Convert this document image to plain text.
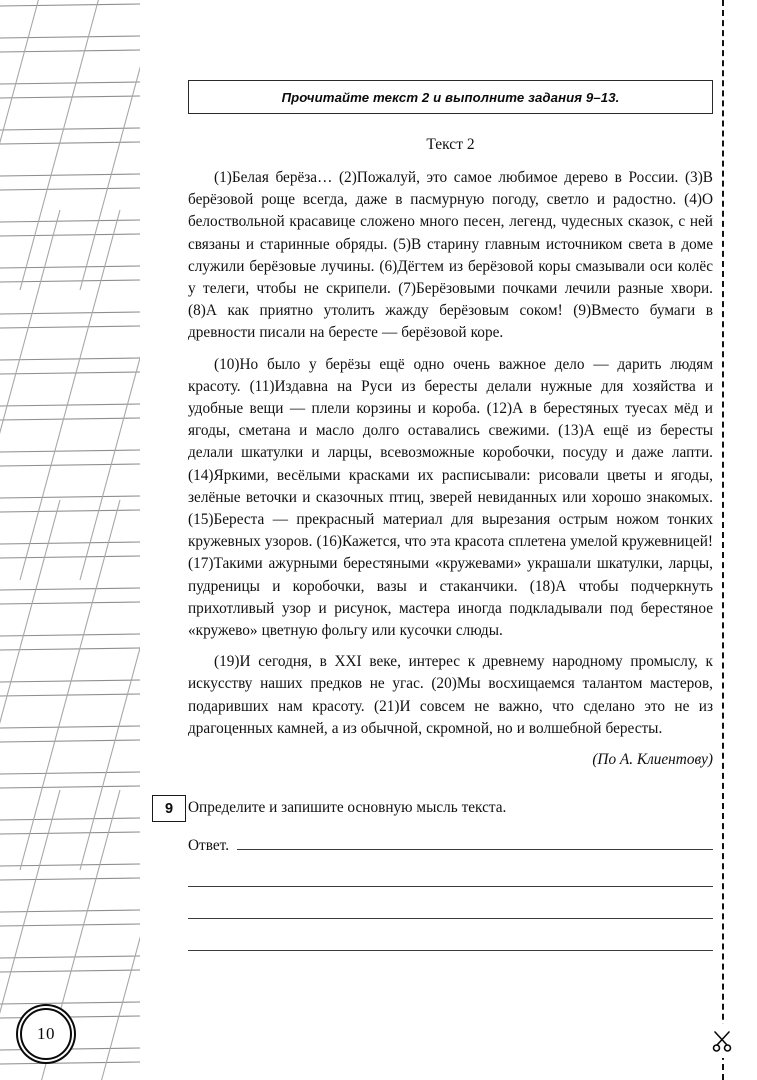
10
Прочитайте текст 2 и выполните задания 9–13.
Текст 2

(1)Белая берёза… (2)Пожалуй, это самое любимое дерево в России. (3)В берёзовой роще всегда, даже в пасмурную погоду, светло и радостно. (4)О белоствольной красавице сложено много песен, легенд, чудесных сказок, с ней связаны и старинные обряды. (5)В старину главным источником света в доме служили берёзовые лучины. (6)Дёгтем из берёзовой коры смазывали оси колёс у телеги, чтобы не скрипели. (7)Берёзовыми почками лечили разные хвори. (8)А как приятно утолить жажду берёзовым соком! (9)Вместо бумаги в древности писали на бересте — берёзовой коре.

(10)Но было у берёзы ещё одно очень важное дело — дарить людям красоту. (11)Издавна на Руси из бересты делали нужные для хозяйства и удобные вещи — плели корзины и короба. (12)А в берестяных туесах мёд и ягоды, сметана и масло долго оставались свежими. (13)А ещё из бересты делали шкатулки и ларцы, всевозможные коробочки, посуду и даже лапти. (14)Яркими, весёлыми красками их расписывали: рисовали цветы и ягоды, зелёные веточки и сказочных птиц, зверей невиданных или хорошо знакомых. (15)Береста — прекрасный материал для вырезания острым ножом тонких кружевных узоров. (16)Кажется, что эта красота сплетена умелой кружевницей! (17)Такими ажурными берестяными «кружевами» украшали шкатулки, ларцы, пудреницы и коробочки, вазы и стаканчики. (18)А чтобы подчеркнуть прихотливый узор и рисунок, мастера иногда подкладывали под берестяное «кружево» цветную фольгу или кусочки слюды.

(19)И сегодня, в XXI веке, интерес к древнему народному промыслу, к искусству наших предков не угас. (20)Мы восхищаемся талантом мастеров, подаривших нам красоту. (21)И совсем не важно, что сделано это не из драгоценных камней, а из обычной, скромной, но и волшебной бересты.

(По А. Клиентову)
9 Определите и запишите основную мысль текста.
Ответ.
